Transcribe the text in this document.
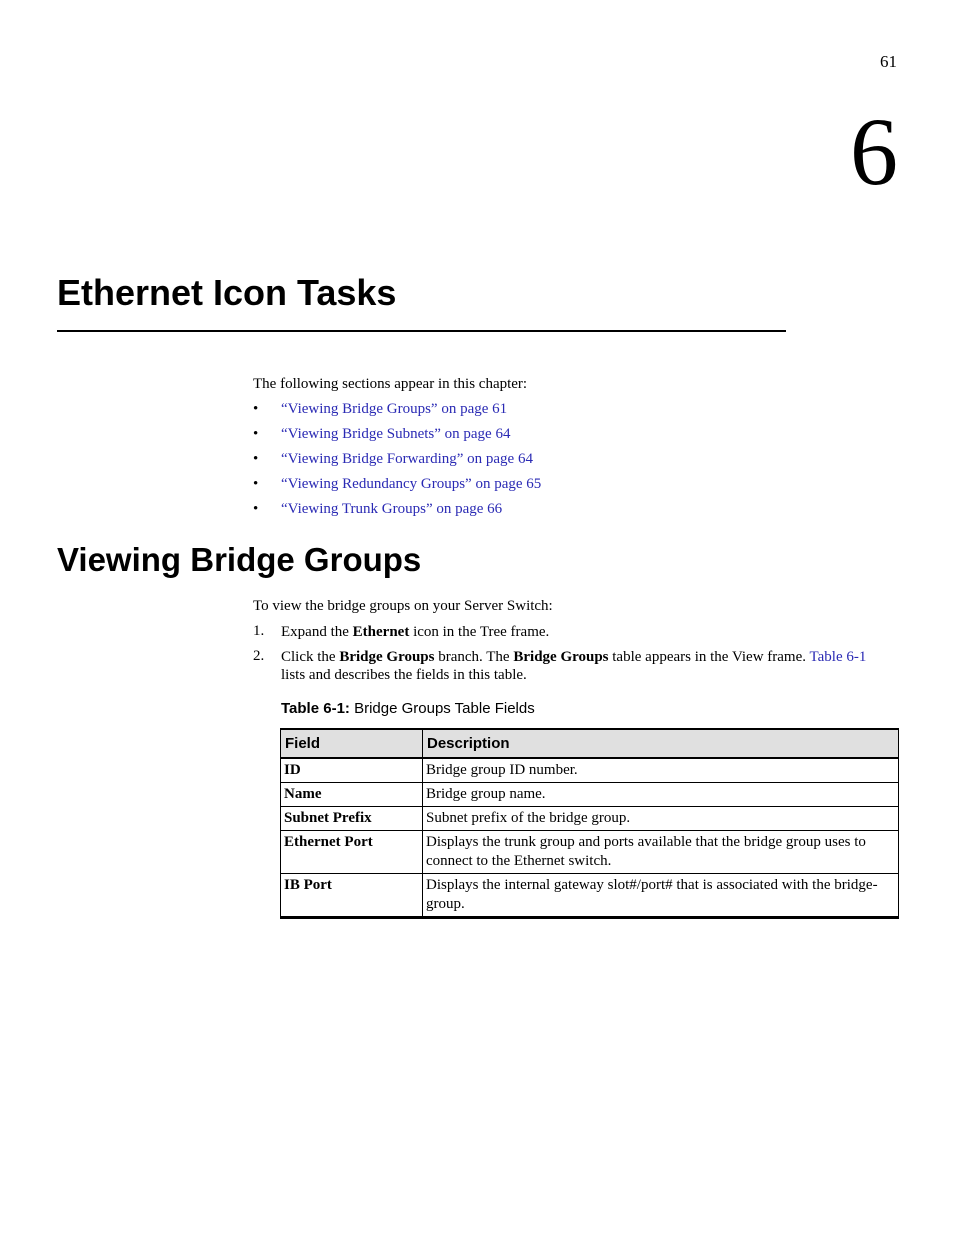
61
6
Ethernet Icon Tasks
The following sections appear in this chapter:
• “Viewing Bridge Groups” on page 61
• “Viewing Bridge Subnets” on page 64
• “Viewing Bridge Forwarding” on page 64
• “Viewing Redundancy Groups” on page 65
• “Viewing Trunk Groups” on page 66
Viewing Bridge Groups
To view the bridge groups on your Server Switch:
1. Expand the Ethernet icon in the Tree frame.
2. Click the Bridge Groups branch. The Bridge Groups table appears in the View frame. Table 6-1
lists and describes the fields in this table.
Table 6-1: Bridge Groups Table Fields
Field	Description
ID	Bridge group ID number.
Name	Bridge group name.
Subnet Prefix	Subnet prefix of the bridge group.
Ethernet Port	Displays the trunk group and ports available that the bridge group uses to connect to the Ethernet switch.
IB Port	Displays the internal gateway slot#/port# that is associated with the bridge-group.
